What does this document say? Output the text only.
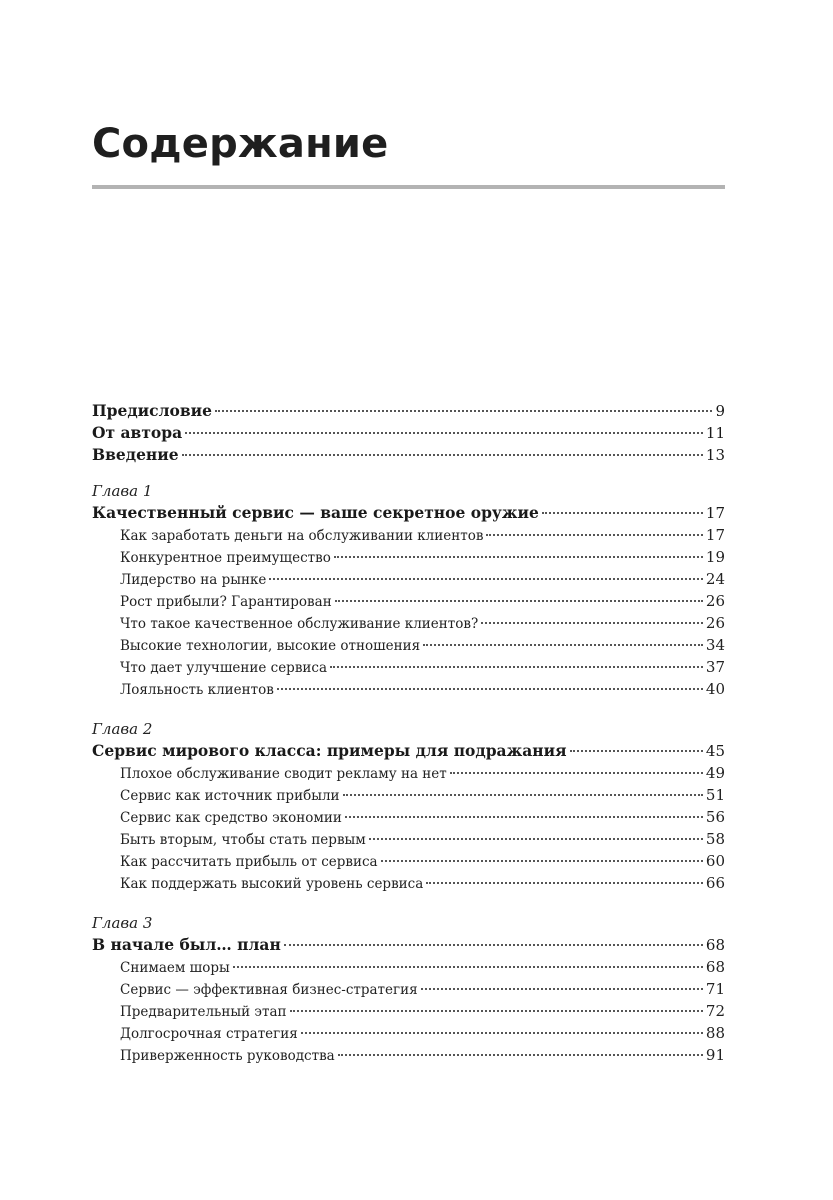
Содержание
Предисловие	9
От автора	11
Введение	13
Глава 1
Качественный сервис — ваше секретное оружие	17
Как заработать деньги на обслуживании клиентов	17
Конкурентное преимущество	19
Лидерство на рынке	24
Рост прибыли? Гарантирован	26
Что такое качественное обслуживание клиентов?	26
Высокие технологии, высокие отношения	34
Что дает улучшение сервиса	37
Лояльность клиентов	40
Глава 2
Сервис мирового класса: примеры для подражания	45
Плохое обслуживание сводит рекламу на нет	49
Сервис как источник прибыли	51
Сервис как средство экономии	56
Быть вторым, чтобы стать первым	58
Как рассчитать прибыль от сервиса	60
Как поддержать высокий уровень сервиса	66
Глава 3
В начале был… план	68
Снимаем шоры	68
Сервис — эффективная бизнес-стратегия	71
Предварительный этап	72
Долгосрочная стратегия	88
Приверженность руководства	91
